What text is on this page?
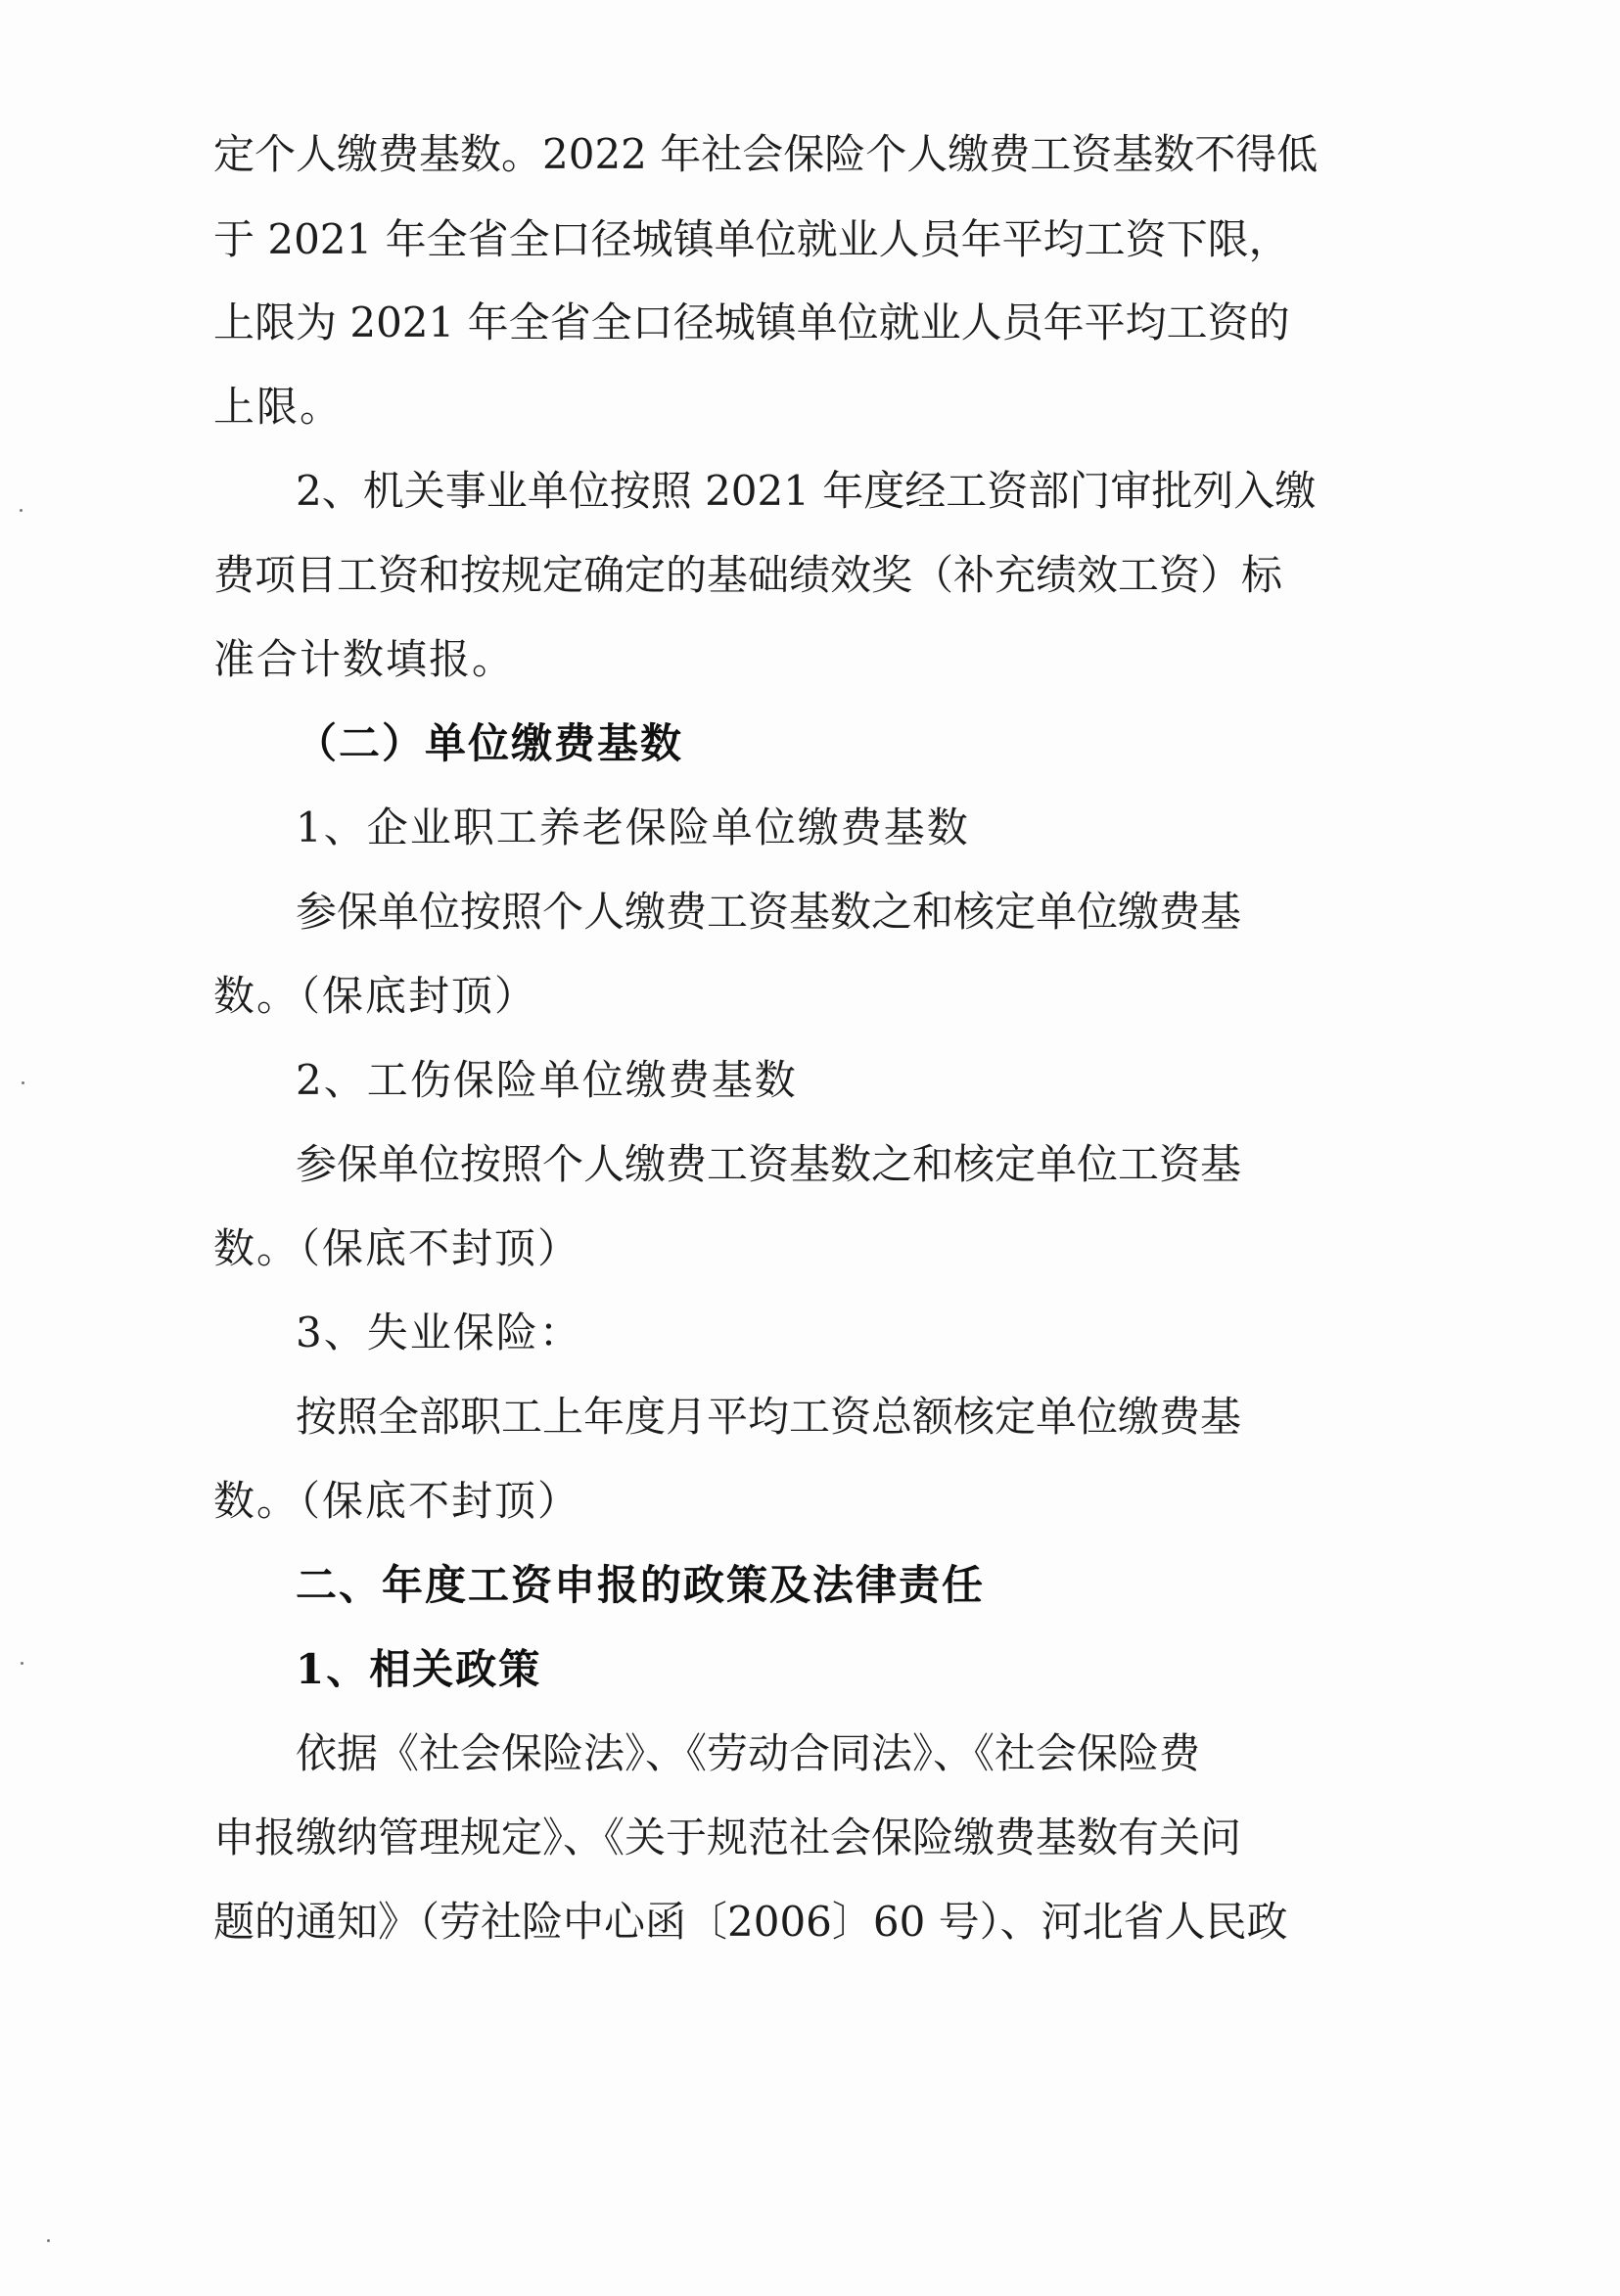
定个人缴费基数。2022 年社会保险个人缴费工资基数不得低
于 2021 年全省全口径城镇单位就业人员年平均工资下限，
上限为 2021 年全省全口径城镇单位就业人员年平均工资的
上限。
2、机关事业单位按照 2021 年度经工资部门审批列入缴
费项目工资和按规定确定的基础绩效奖（补充绩效工资）标
准合计数填报。
（二）单位缴费基数
1、企业职工养老保险单位缴费基数
参保单位按照个人缴费工资基数之和核定单位缴费基
数。（保底封顶）
2、工伤保险单位缴费基数
参保单位按照个人缴费工资基数之和核定单位工资基
数。（保底不封顶）
3、失业保险：
按照全部职工上年度月平均工资总额核定单位缴费基
数。（保底不封顶）
二、年度工资申报的政策及法律责任
1、相关政策
依据《社会保险法》、《劳动合同法》、《社会保险费
申报缴纳管理规定》、《关于规范社会保险缴费基数有关问
题的通知》（劳社险中心函〔2006〕60 号）、河北省人民政
